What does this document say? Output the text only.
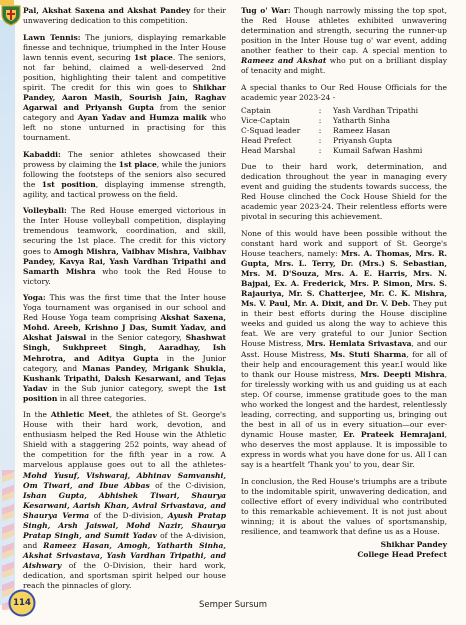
Pal, Akshat Saxena and Akshat Pandey for their unwavering dedication to this competition.

Lawn Tennis: The juniors, displaying remarkable finesse and technique, triumphed in the Inter House lawn tennis event, securing 1st place. The seniors, not far behind, claimed a well-deserved 2nd position, highlighting their talent and competitive spirit. The credit for this win goes to Shikhar Pandey, Aaron Masih, Sourish Jain, Raghav Agarwal and Priyansh Gupta from the senior category and Ayan Yadav and Humza malik who left no stone unturned in practising for this tournament.

Kabaddi: The senior athletes showcased their prowess by claiming the 1st place, while the juniors following the footsteps of the seniors also secured the 1st position, displaying immense strength, agility, and tactical prowess on the field.

Volleyball: The Red House emerged victorious in the Inter House volleyball competition, displaying tremendous teamwork, coordination, and skill, securing the 1st place. The credit for this victory goes to Amogh Mishra, Vaibhav Mishra, Vaibhav Pandey, Kavya Rai, Yash Vardhan Tripathi and Samarth Mishra who took the Red House to victory.

Yoga: This was the first time that the Inter house Yoga tournament was organised in our school and Red House Yoga team comprising Akshat Saxena, Mohd. Areeb, Krishno J Das, Sumit Yadav, and Akshat Jaiswal in the Senior category, Shashwat Singh, Sukhpreet Singh, Aaradhay, Ish Mehrotra, and Aditya Gupta in the Junior category, and Manas Pandey, Mrigank Shukla, Kushank Tripathi, Daksh Kesarwani, and Tejas Yadav in the Sub junior category, swept the 1st position in all three categories.

In the Athletic Meet, the athletes of St. George's House with their hard work, devotion, and enthusiasm helped the Red House win the Athletic Shield with a staggering 252 points, way ahead of the competition for the fifth year in a row. A marvelous applause goes out to all the athletes-Mohd Yusuf, Vishwaraj, Abhinav Samvanshi, Om Tiwari, and Ibue Abbas of the C-division, Ishan Gupta, Abhishek Tiwari, Shaurya Kesarwani, Aarish Khan, Aviral Srivastava, and Shaurya Verma of the D-division, Ayush Pratap Singh, Arsh Jaiswal, Mohd Nazir, Shaurya Pratap Singh, and Sumit Yadav of the A-division, and Rameez Hasan, Amogh, Yatharth Sinha, Akshat Srivastava, Yash Vardhan Tripathi, and Aishwary of the O-Division, their hard work, dedication, and sportsman spirit helped our house reach the pinnacles of glory.

Tug o' War: Though narrowly missing the top spot, the Red House athletes exhibited unwavering determination and strength, securing the runner-up position in the Inter House tug o' war event, adding another feather to their cap. A special mention to Rameez and Akshat who put on a brilliant display of tenacity and might.

A special thanks to Our Red House Officials for the academic year 2023-24 -

Captain	:	Yash Vardhan Tripathi
Vice-Captain	:	Yatharth Sinha
C-Squad leader	:	Rameez Hasan
Head Prefect	:	Priyansh Gupta
Head Marshal	:	Kumail Safwan Hashmi

Due to their hard work, determination, and dedication throughout the year in managing every event and guiding the students towards success, the Red House clinched the Cock House Shield for the academic year 2023-24. Their relentless efforts were pivotal in securing this achievement.

None of this would have been possible without the constant hard work and support of St. George's House teachers, namely: Mrs. A. Thomas, Mrs. R. Gupta, Mrs. L. Terry, Dr. (Mrs.) S. Sebastian, Mrs. M. D'Souza, Mrs. A. E. Harris, Mrs. N. Bajpai, Ex. A. Frederick, Mrs. P. Simon, Mrs. S. Rajauriya, Mr. S. Chatterjee, Mr. C. K. Mishra, Ms. V. Paul, Mr. A. Dixit, and Dr. V. Deb. They put in their best efforts during the House discipline weeks and guided us along the way to achieve this feat. We are very grateful to our Junior Section House Mistress, Mrs. Hemlata Srivastava, and our Asst. House Mistress, Ms. Stuti Sharma, for all of their help and encouragement this year.I would like to thank our House mistress, Mrs. Deepti Mishra, for tirelessly working with us and guiding us at each step. Of course, immense gratitude goes to the man who worked the longest and the hardest, relentlessly leading, correcting, and supporting us, bringing out the best in all of us in every situation—our ever-dynamic House master, Er. Prateek Hemrajani, who deserves the most applause. It is impossible to express in words what you have done for us. All I can say is a heartfelt 'Thank you' to you, dear Sir.

In conclusion, the Red House's triumphs are a tribute to the indomitable spirit, unwavering dedication, and collective effort of every individual who contributed to this remarkable achievement. It is not just about winning; it is about the values of sportsmanship, resilience, and teamwork that define us as a House.

Shikhar Pandey
College Head Prefect
114	Semper Sursum
